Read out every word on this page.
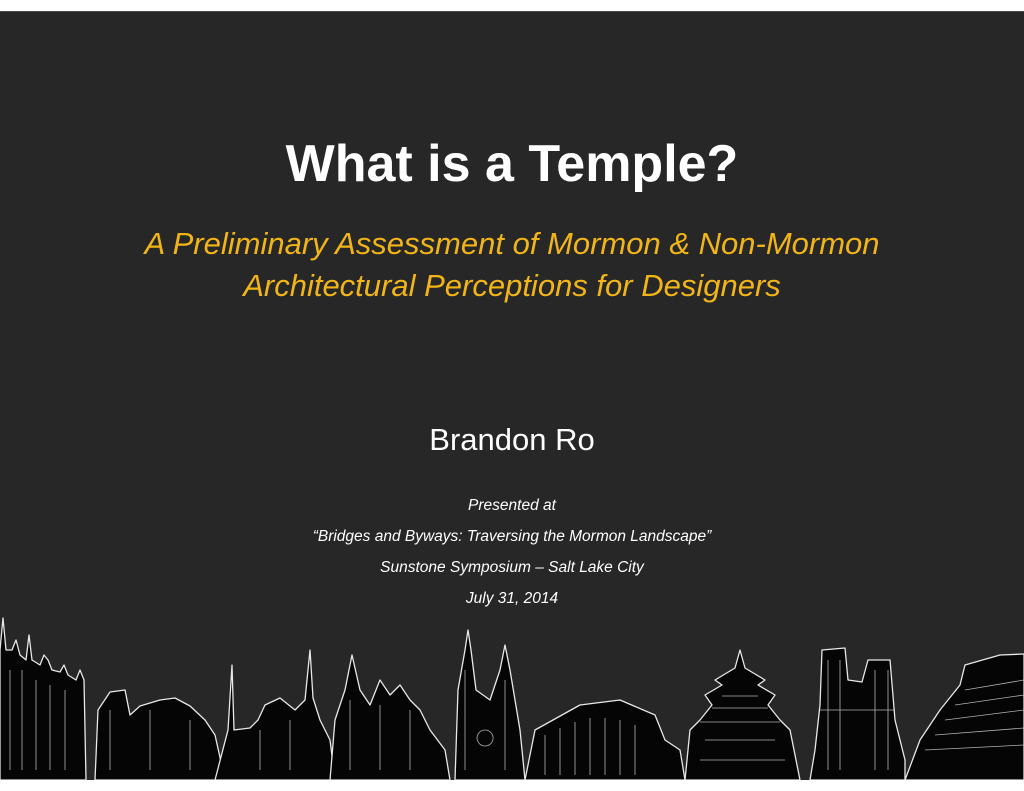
What is a Temple?
A Preliminary Assessment of Mormon & Non-Mormon
Architectural Perceptions for Designers
Brandon Ro
Presented at
“Bridges and Byways: Traversing the Mormon Landscape”
Sunstone Symposium – Salt Lake City
July 31, 2014
